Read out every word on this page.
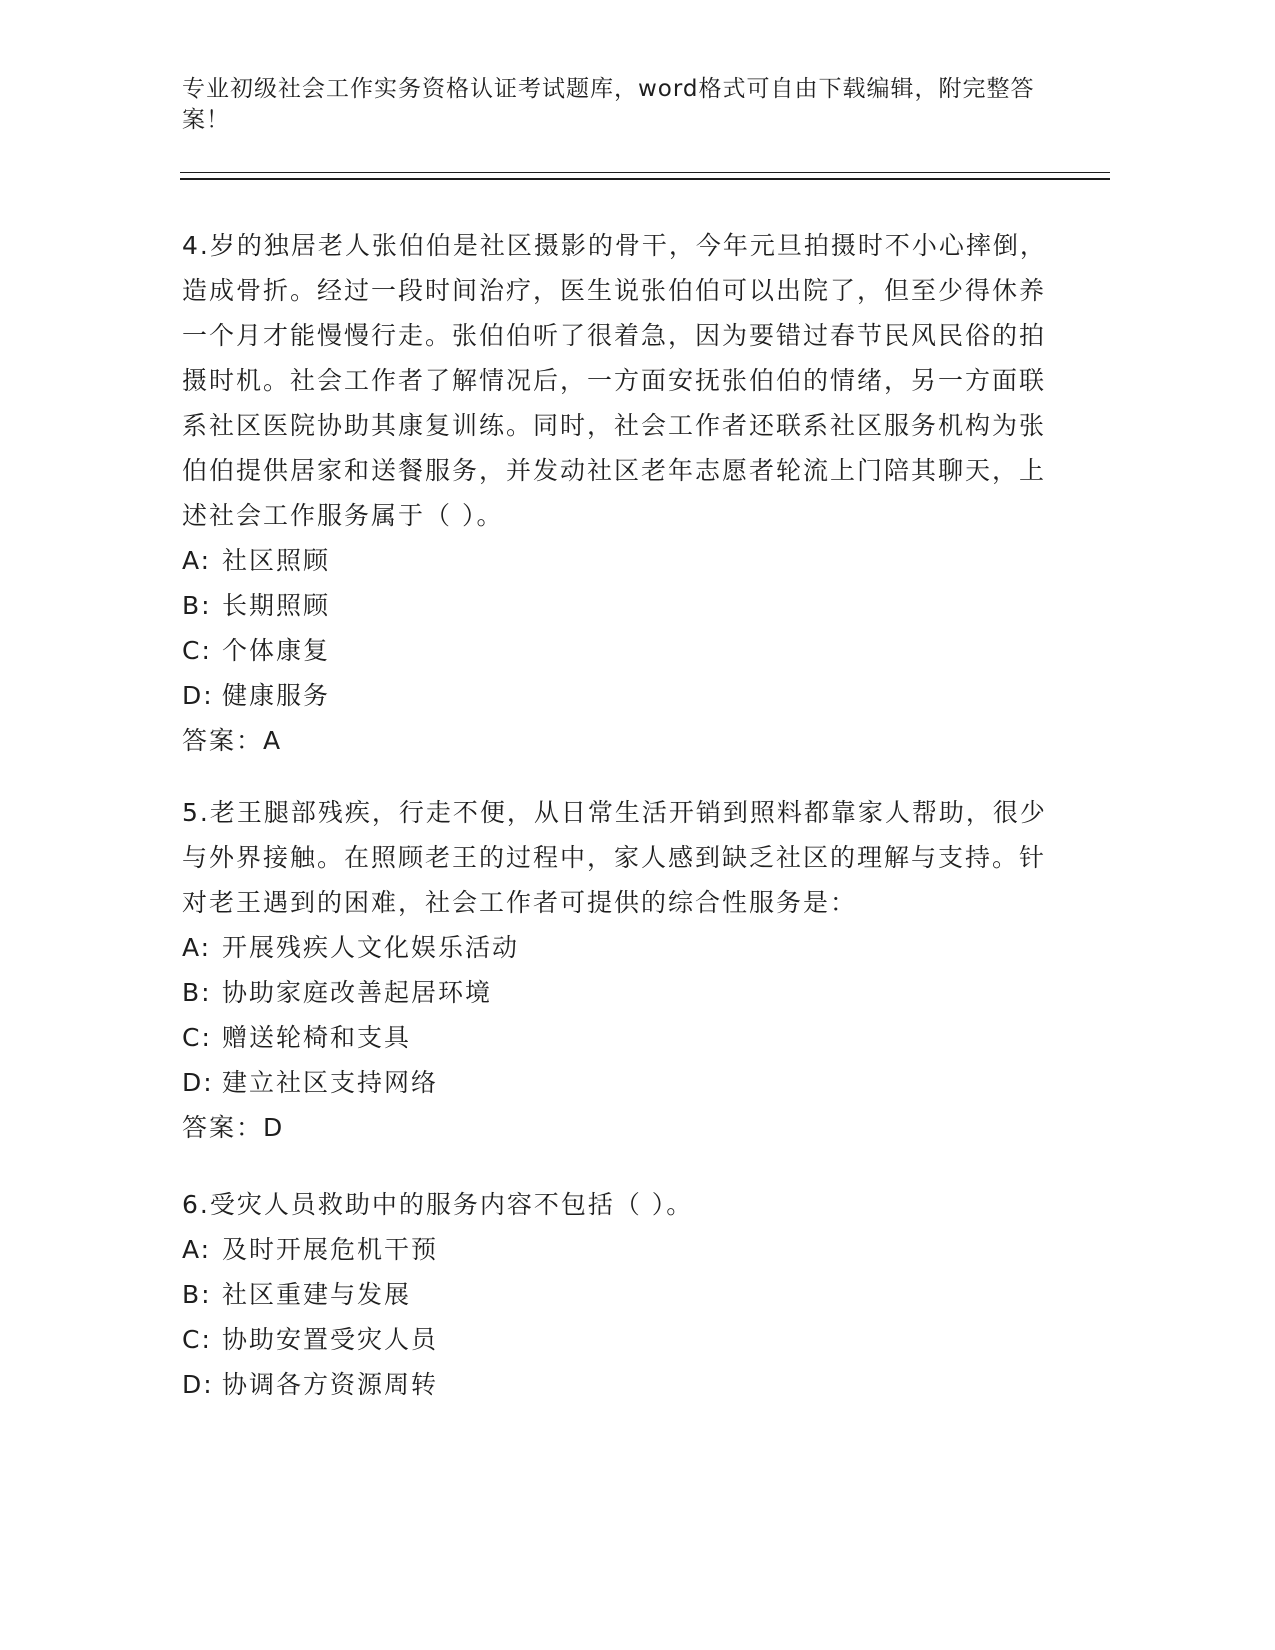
专业初级社会工作实务资格认证考试题库，word格式可自由下载编辑，附完整答案！

4.岁的独居老人张伯伯是社区摄影的骨干，今年元旦拍摄时不小心摔倒，造成骨折。经过一段时间治疗，医生说张伯伯可以出院了，但至少得休养一个月才能慢慢行走。张伯伯听了很着急，因为要错过春节民风民俗的拍摄时机。社会工作者了解情况后，一方面安抚张伯伯的情绪，另一方面联系社区医院协助其康复训练。同时，社会工作者还联系社区服务机构为张伯伯提供居家和送餐服务，并发动社区老年志愿者轮流上门陪其聊天，上述社会工作服务属于（ ）。

A: 社区照顾
B: 长期照顾
C: 个体康复
D: 健康服务
答案：A

5.老王腿部残疾，行走不便，从日常生活开销到照料都靠家人帮助，很少与外界接触。在照顾老王的过程中，家人感到缺乏社区的理解与支持。针对老王遇到的困难，社会工作者可提供的综合性服务是：

A: 开展残疾人文化娱乐活动
B: 协助家庭改善起居环境
C: 赠送轮椅和支具
D: 建立社区支持网络
答案：D

6.受灾人员救助中的服务内容不包括（ ）。

A: 及时开展危机干预
B: 社区重建与发展
C: 协助安置受灾人员
D: 协调各方资源周转
